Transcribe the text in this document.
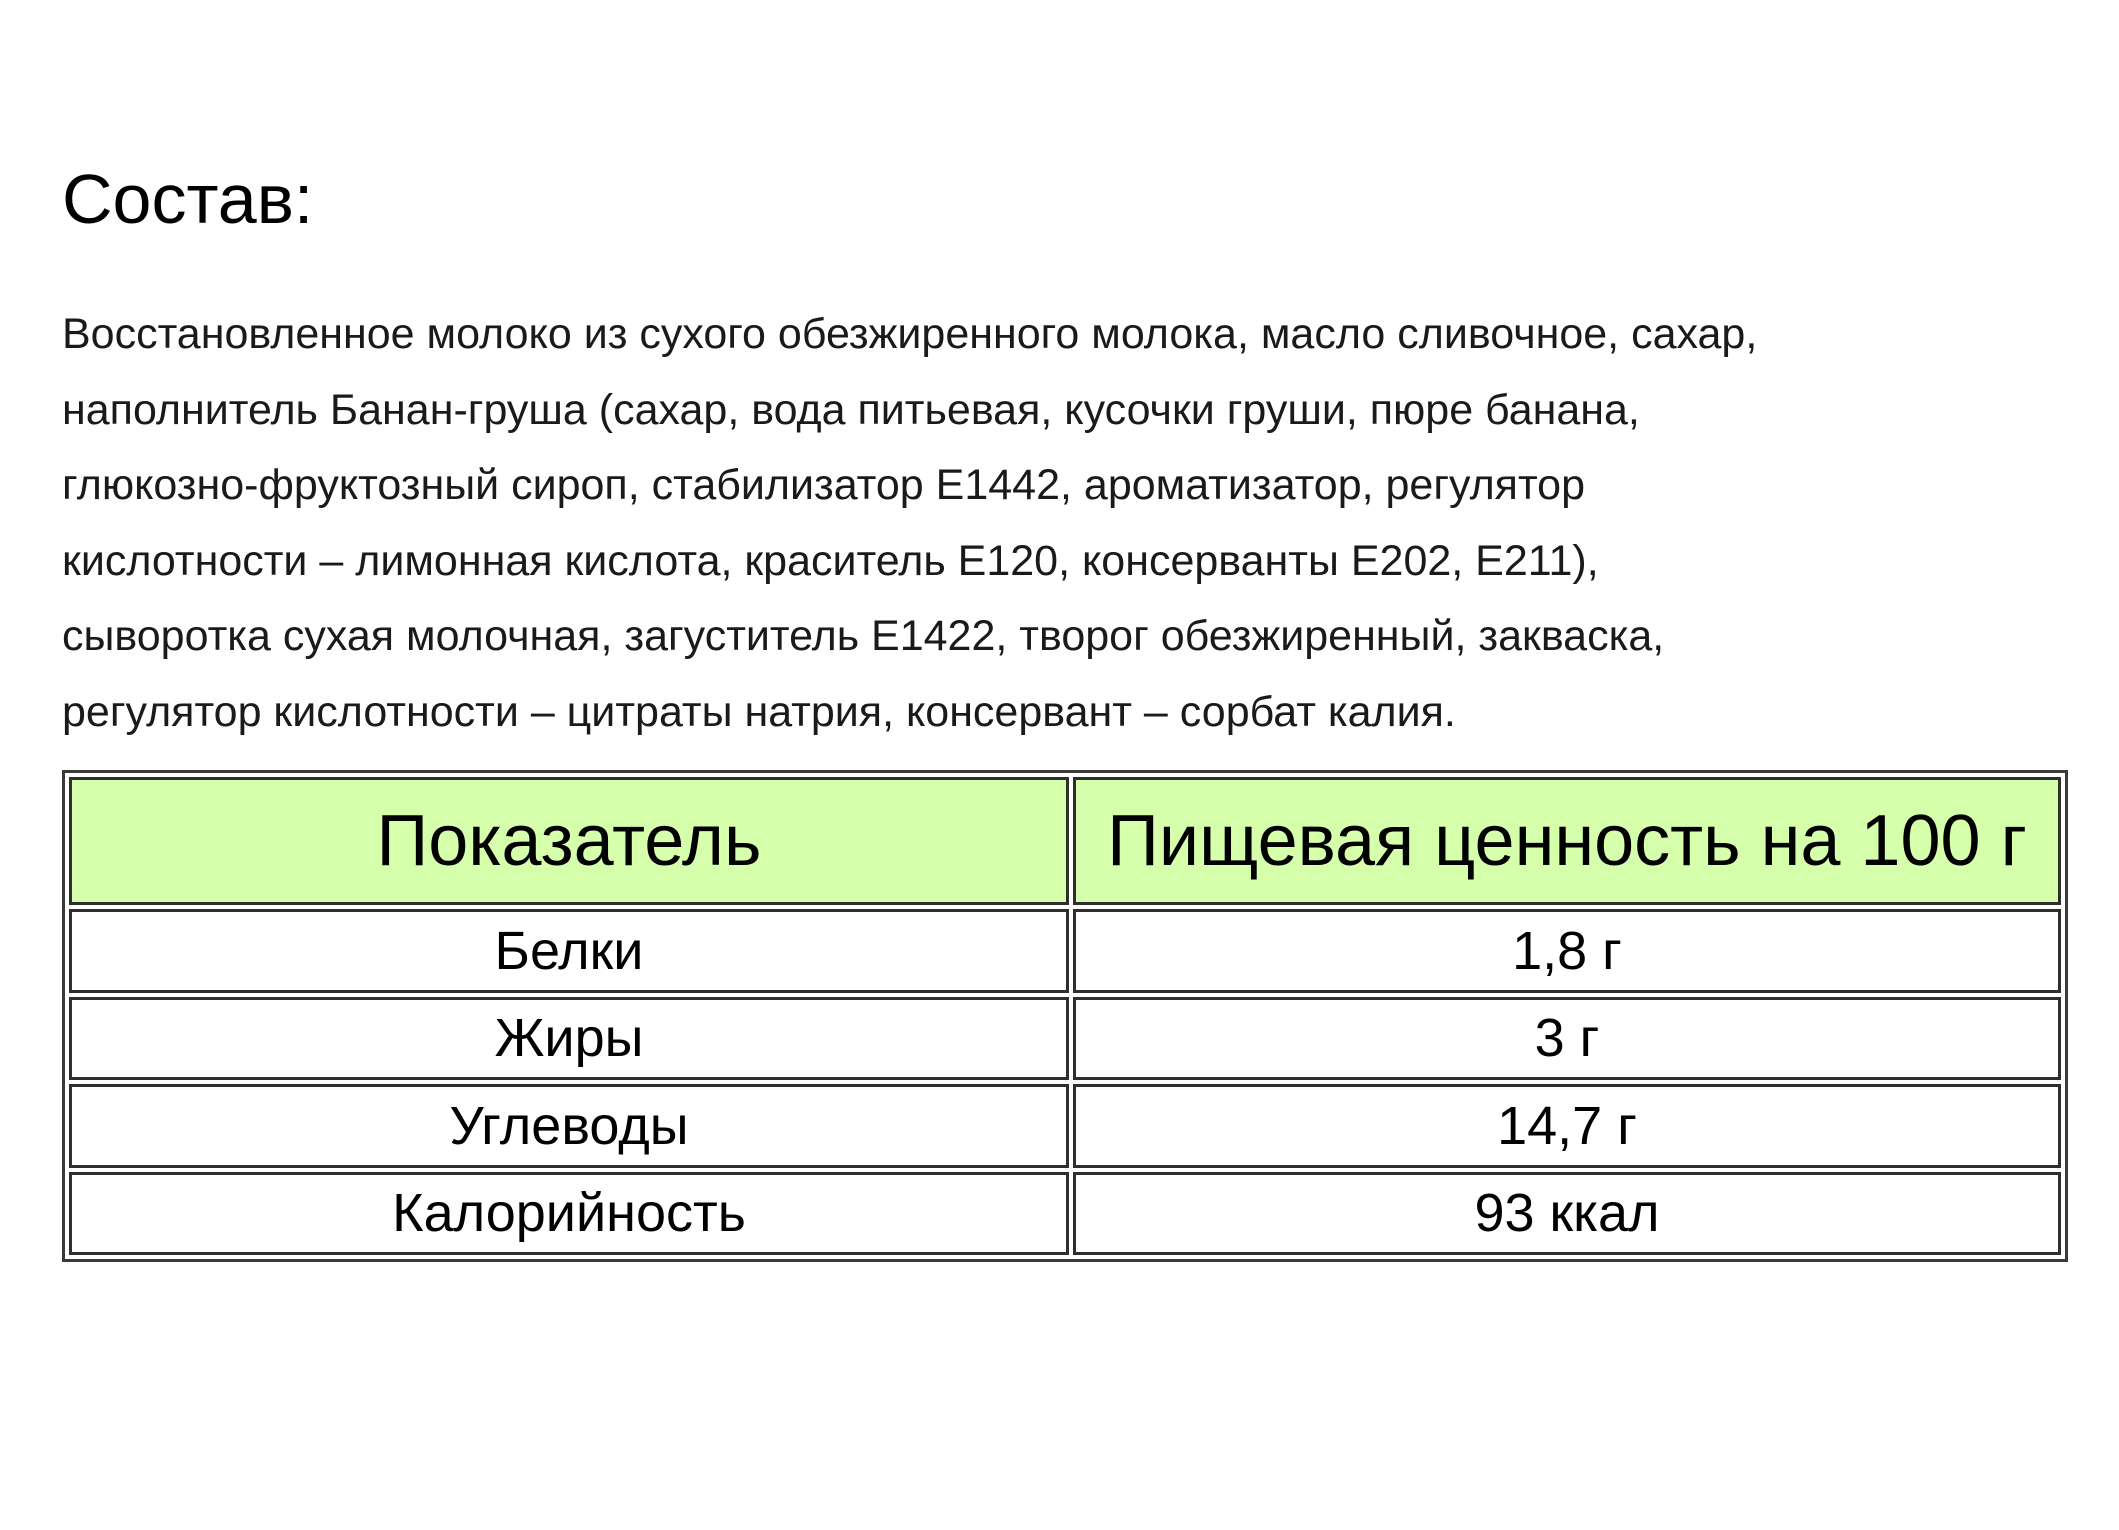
Состав:

Восстановленное молоко из сухого обезжиренного молока, масло сливочное, сахар,
наполнитель Банан-груша (сахар, вода питьевая, кусочки груши, пюре банана,
глюкозно-фруктозный сироп, стабилизатор Е1442, ароматизатор, регулятор
кислотности – лимонная кислота, краситель Е120, консерванты Е202, Е211),
сыворотка сухая молочная, загуститель Е1422, творог обезжиренный, закваска,
регулятор кислотности – цитраты натрия, консервант – сорбат калия.

Показатель	Пищевая ценность на 100 г
Белки	1,8 г
Жиры	3 г
Углеводы	14,7 г
Калорийность	93 ккал
